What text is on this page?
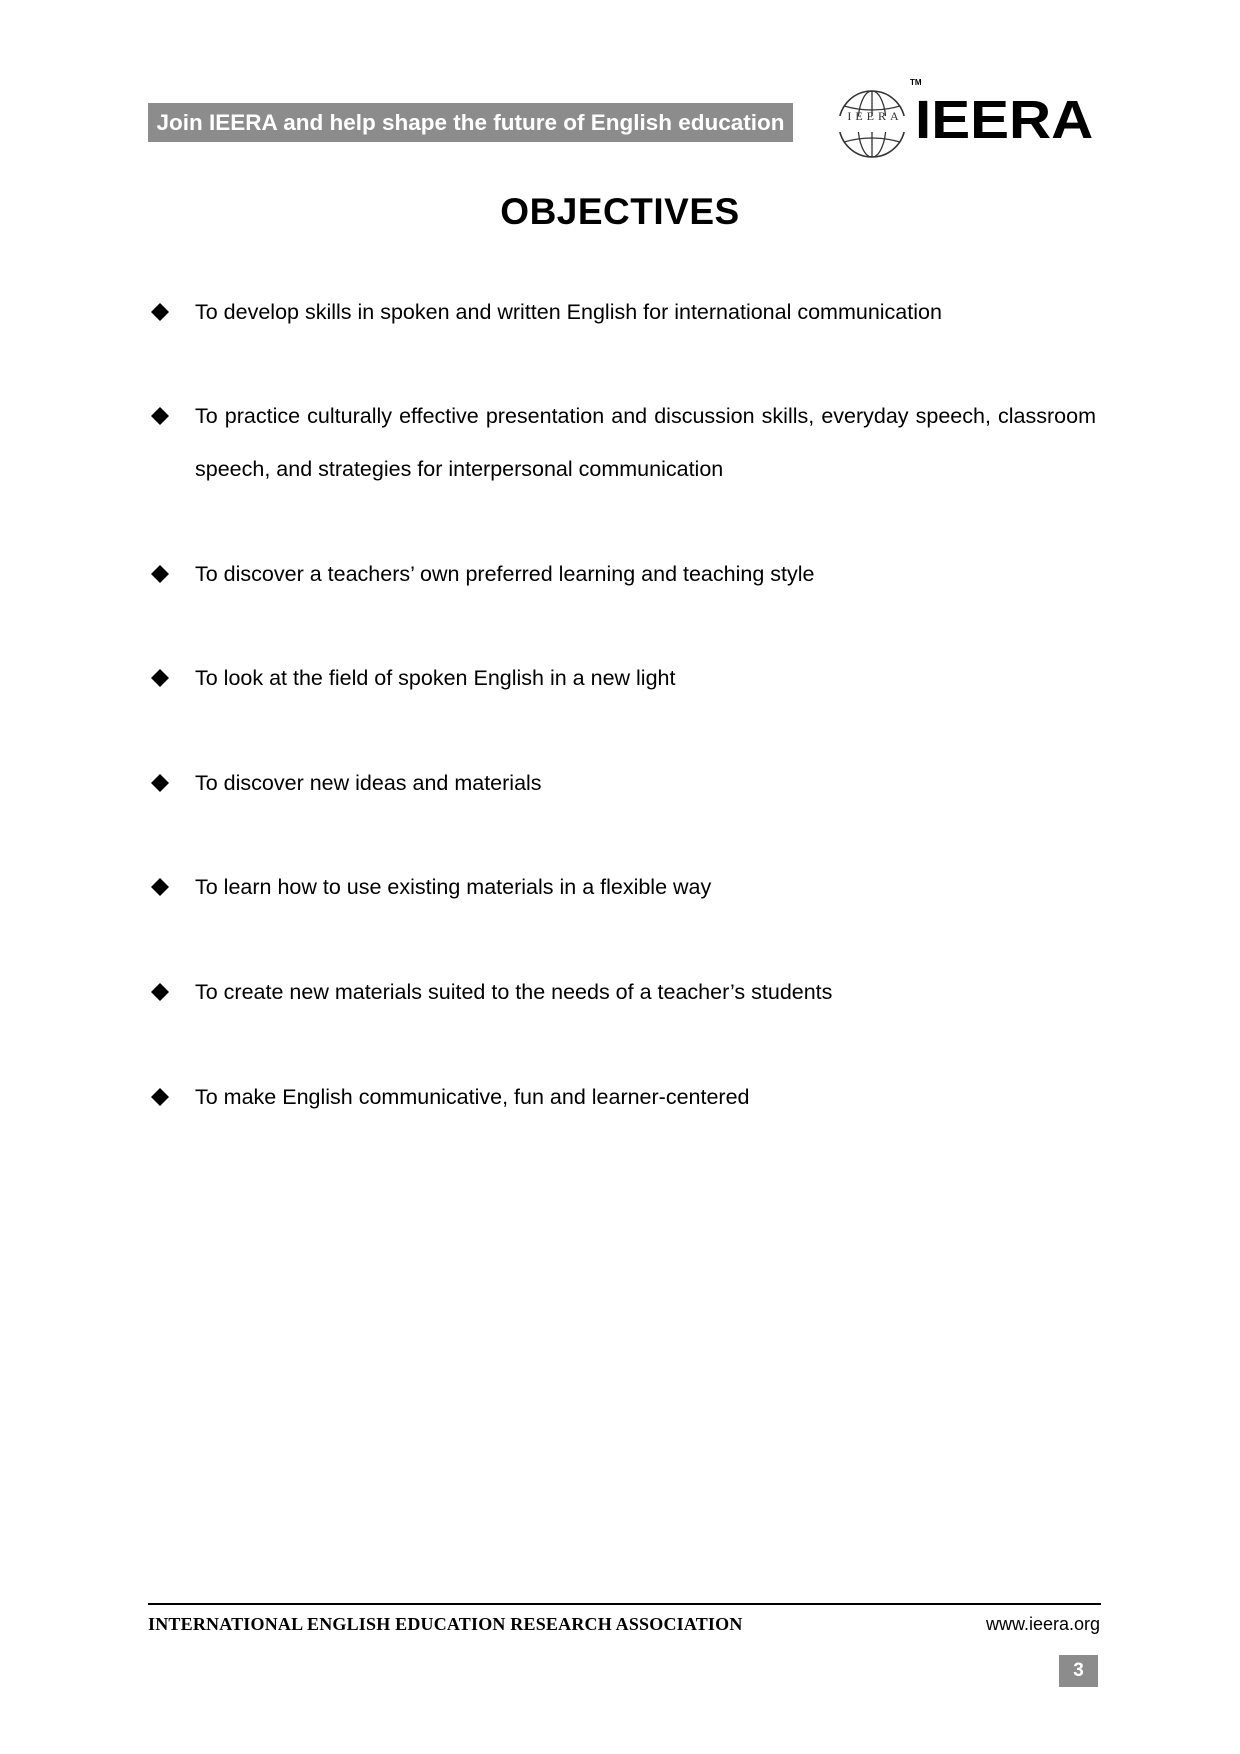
Join IEERA and help shape the future of English education	IEERA
TM
IEERA
OBJECTIVES
To develop skills in spoken and written English for international communication
To practice culturally effective presentation and discussion skills, everyday speech, classroom speech, and strategies for interpersonal communication
To discover a teachers’ own preferred learning and teaching style
To look at the field of spoken English in a new light
To discover new ideas and materials
To learn how to use existing materials in a flexible way
To create new materials suited to the needs of a teacher’s students
To make English communicative, fun and learner-centered
INTERNATIONAL ENGLISH EDUCATION RESEARCH ASSOCIATION	www.ieera.org
3
